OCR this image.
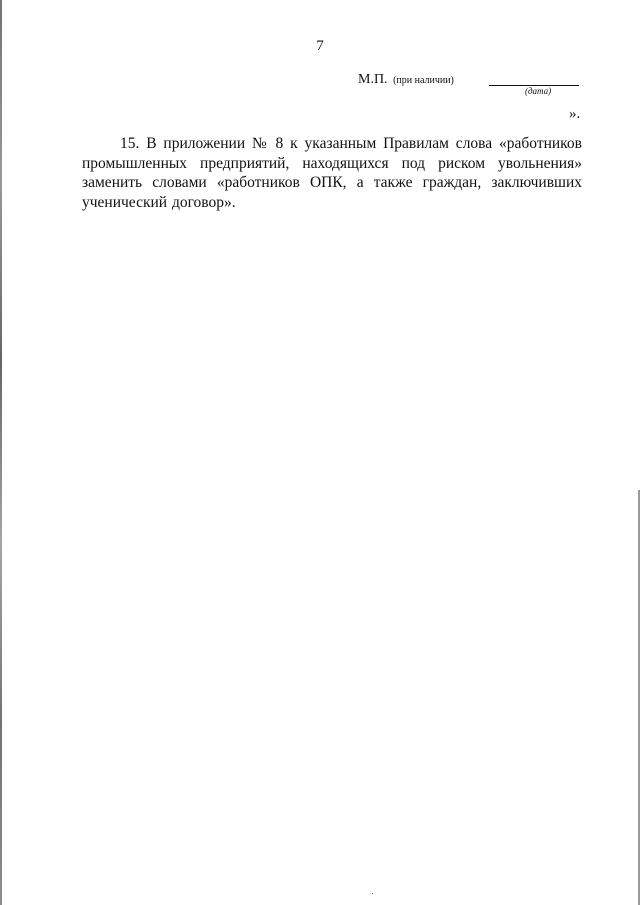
7
М.П. (при наличии)
(дата)
».

15. В приложении № 8 к указанным Правилам слова «работников промышленных предприятий, находящихся под риском увольнения» заменить словами «работников ОПК, а также граждан, заключивших ученический договор».
